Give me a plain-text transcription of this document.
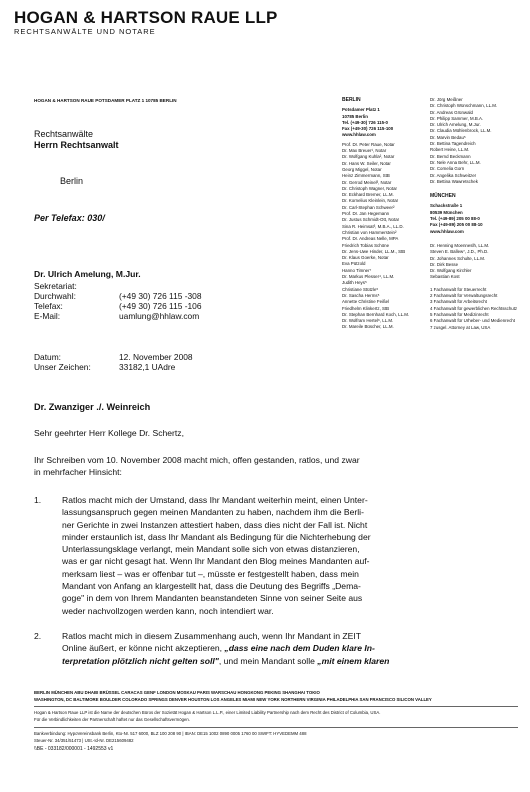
HOGAN & HARTSON RAUE LLP
RECHTSANWÄLTE UND NOTARE
HOGAN & HARTSON RAUE POTSDAMER PLATZ 1 10785 BERLIN
Rechtsanwälte
Herrn Rechtsanwalt
Berlin
Per Telefax: 030/
Dr. Ulrich Amelung, M.Jur.
Sekretariat:
Durchwahl:	(+49 30) 726 115 -308
Telefax:	(+49 30) 726 115 -106
E-Mail:	uamlung@hhlaw.com
Datum:	12. November 2008
Unser Zeichen:	33182,1 UAdre
BERLIN
Potsdamer Platz 1
10785 Berlin
Tel. (+49-30) 726 115-0
Fax (+49-30) 726 115-100
www.hhlaw.com
Prof. Dr. Peter Raue, Notar
Dr. Max Breuer¹, Notar
Dr. Wolfgang Kuhla², Notar
Dr. Hans W. Seiler, Notar
Georg Miggel, Notar
Heinz Zimmermann, StB
Dr. Gerrod Meinel³, Notar
Dr. Christoph Wagner, Notar
Dr. Eckhard Bremer, LL.M.
Dr. Kornelius Kleinlein, Notar
Dr. Carl-Stephan Schweer²
Prof. Dr. Jan Hegemann
Dr. Justus Schmidt-Ott, Notar
Sina R. Heimsat³, M.B.A., LL.D.
Christian von Hammerstein²
Prof. Dr. Andreas Nelle, MPA
Friedrich Tobias Schöne
Dr. Jens-Uwe Hinder, LL.M., StB
Dr. Klaus Goerke, Notar
Eva Pützold
Hanno Timner⁷
Dr. Markus Plesser⁴, LL.M.
Judith Heys⁵
Christiane Stützle⁵
Dr. Sascha Herms⁵
Annette Christine Feißel
Friedhelm Klinkertz, StB
Dr. Stephan Bernhard Koch, LL.M.
Dr. Wolfram Hertel⁶, LL.M.
Dr. Mareile Büscher, LL.M.
Dr. Jörg Meißner
Dr. Christoph Wünschmann, LL.M.
Dr. Andreas Grünwald
Dr. Philipp Sammer, M.B.A.
Dr. Ulrich Amelung, M.Jur.
Dr. Claudia Mühlenbrock, LL.M.
Dr. Marvin Bedau⁵
Dr. Bettina Tagendreich
Robert Heine, LL.M.
Dr. Bernd Beckmann
Dr. Nele Anna Behr, LL.M.
Dr. Cornelia Gorn
Dr. Angelika Schweitzer
Dr. Bettina Wawretschek
MÜNCHEN
Schackstraße 1
80539 München
Tel. (+49-89) 205 00 88-0
Fax (+49-89) 205 00 88-10
www.hhlaw.com
Dr. Henning Moenneslh, LL.M.
Steven E. Ballew⁷, J.D., Ph.D.
Dr. Johannes Schulte, LL.M.
Dr. Dirk Besse
Dr. Wolfgang Kirchler
Sebastian Kost
1 Fachanwalt für Steuerrecht
2 Fachanwalt für Verwaltungsrecht
3 Fachanwalt für Arbeitsrecht
4 Fachanwalt für gewerblichen Rechtsschutz
5 Fachanwalt für Medizinrecht
6 Fachanwalt für Urheber- und Medienrecht
7 zusgel. Attorney at Law, USA
Dr. Zwanziger ./. Weinreich
Sehr geehrter Herr Kollege Dr. Schertz,
Ihr Schreiben vom 10. November 2008 macht mich, offen gestanden, ratlos, und zwar
in mehrfacher Hinsicht:
1. Ratlos macht mich der Umstand, dass Ihr Mandant weiterhin meint, einen Unter-
lassungsanspruch gegen meinen Mandanten zu haben, nachdem ihm die Berli-
ner Gerichte in zwei Instanzen attestiert haben, dass dies nicht der Fall ist. Nicht
minder erstaunlich ist, dass Ihr Mandant als Bedingung für die Nichterhebung der
Unterlassungsklage verlangt, mein Mandant solle sich von etwas distanzieren,
was er gar nicht gesagt hat. Wenn Ihr Mandant den Blog meines Mandanten auf-
merksam liest – was er offenbar tut –, müsste er festgestellt haben, dass mein
Mandant von Anfang an klargestellt hat, dass die Deutung des Begriffs „Dema-
goge" in dem von Ihrem Mandanten beanstandeten Sinne von seiner Seite aus
weder nachvollzogen werden kann, noch intendiert war.
2. Ratlos macht mich in diesem Zusammenhang auch, wenn Ihr Mandant in ZEIT
Online äußert, er könne nicht akzeptieren, „dass eine nach dem Duden klare In-
terpretation plötzlich nicht gelten soll", und mein Mandant solle „mit einem klaren
BERLIN MÜNCHEN ABU DHABI BRÜSSEL CARACAS GENF LONDON MOSKAU PARIS WARSCHAU HONGKONG PEKING SHANGHAI TOKIO
WASHINGTON, DC BALTIMORE BOULDER COLORADO SPRINGS DENVER HOUSTON LOS ANGELES MIAMI NEW YORK NORTHERN VIRGINIA PHILADELPHIA SAN FRANCISCO SILICON VALLEY
Hogan & Hartson Raue LLP ist die Name der deutschen Büros der Sozietät Hogan & Hartson L.L.P., einer Limited Liability Partnership nach dem Recht des District of Columbia, USA.
Für die Verbindlichkeiten der Partnerschaft haftet nur das Gesellschaftsvermögen.
Bankverbindung: HypoVereinsbank Berlin, Kto-Nr. 517 6000, BLZ 100 208 90 | IBAN: DE15 1002 0890 0005 1760 00 SWIFT: HYVEDEMM 488
Steuer-Nr. 34/351/51473 | USt.-Id-Nr. DE215609482
\\BE - 033182/000001 - 1492553 v1
